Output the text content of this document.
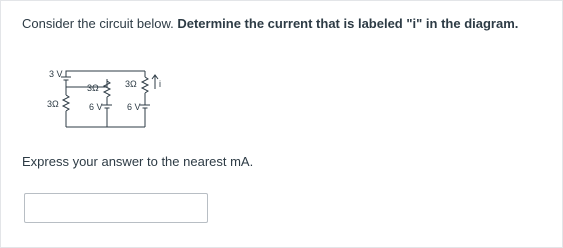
Consider the circuit below. Determine the current that is labeled "i" in the diagram.
3 V
3Ω
3Ω	3Ω
6 V	6 V
i
Express your answer to the nearest mA.
